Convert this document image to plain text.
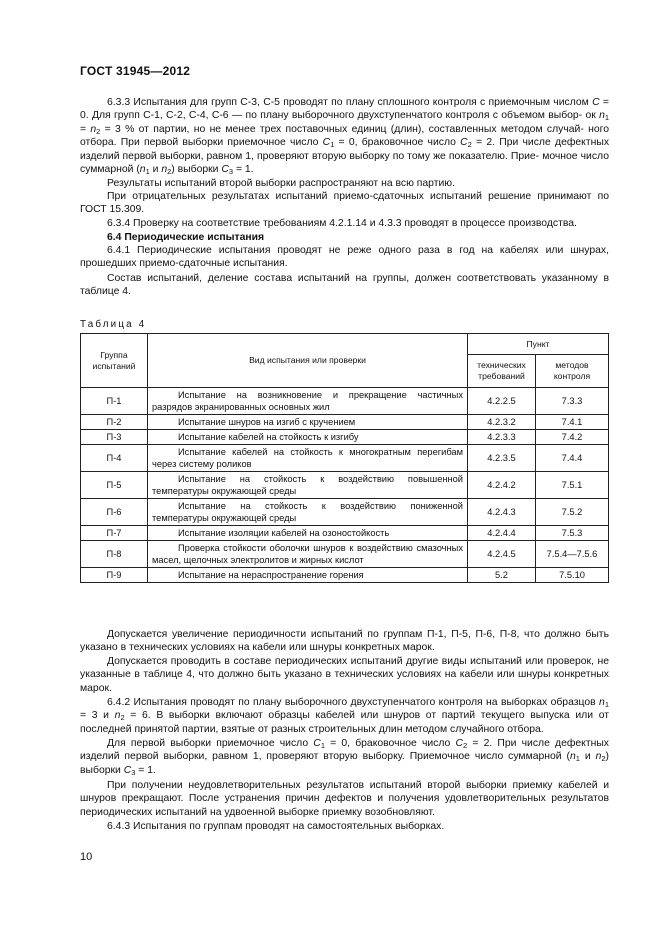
ГОСТ 31945—2012

6.3.3 Испытания для групп С-3, С-5 проводят по плану сплошного контроля с приемочным числом C = 0. Для групп С-1, С-2, С-4, С-6 — по плану выборочного двухступенчатого контроля с объемом выбор- ок $n_1 = n_2 = 3$ % от партии, но не менее трех поставочных единиц (длин), составленных методом случай- ного отбора. При первой выборки приемочное число $C_1 = 0$, браковочное число $C_2 = 2$. При числе дефектных изделий первой выборки, равном 1, проверяют вторую выборку по тому же показателю. Прие- мочное число суммарной ($n_1$ и $n_2$) выборки $C_3 = 1$.

Результаты испытаний второй выборки распространяют на всю партию.

При отрицательных результатах испытаний приемо-сдаточных испытаний решение принимают по ГОСТ 15.309.

6.3.4 Проверку на соответствие требованиям 4.2.1.14 и 4.3.3 проводят в процессе производства.

6.4 Периодические испытания

6.4.1 Периодические испытания проводят не реже одного раза в год на кабелях или шнурах, прошедших приемо-сдаточные испытания.

Состав испытаний, деление состава испытаний на группы, должен соответствовать указанному в таблице 4.

Таблица 4
Группа испытаний	Вид испытания или проверки	Пункт	
		технических требований	методов контроля
П-1	Испытание на возникновение и прекращение частичных разрядов экранированных основных жил	4.2.2.5	7.3.3
П-2	Испытание шнуров на изгиб с кручением	4.2.3.2	7.4.1
П-3	Испытание кабелей на стойкость к изгибу	4.2.3.3	7.4.2
П-4	Испытание кабелей на стойкость к многократным перегибам через систему роликов	4.2.3.5	7.4.4
П-5	Испытание на стойкость к воздействию повышенной температуры окружающей среды	4.2.4.2	7.5.1
П-6	Испытание на стойкость к воздействию пониженной температуры окружающей среды	4.2.4.3	7.5.2
П-7	Испытание изоляции кабелей на озоностойкость	4.2.4.4	7.5.3
П-8	Проверка стойкости оболочки шнуров к воздействию смазочных масел, щелочных электролитов и жирных кислот	4.2.4.5	7.5.4—7.5.6
П-9	Испытание на нераспространение горения	5.2	7.5.10

Допускается увеличение периодичности испытаний по группам П-1, П-5, П-6, П-8, что должно быть указано в технических условиях на кабели или шнуры конкретных марок.

Допускается проводить в составе периодических испытаний другие виды испытаний или проверок, не указанные в таблице 4, что должно быть указано в технических условиях на кабели или шнуры конкретных марок.

6.4.2 Испытания проводят по плану выборочного двухступенчатого контроля на выборках образцов $n_1 = 3$ и $n_2 = 6$. В выборки включают образцы кабелей или шнуров от партий текущего выпуска или от последней принятой партии, взятые от разных строительных длин методом случайного отбора.

Для первой выборки приемочное число $C_1 = 0$, браковочное число $C_2 = 2$. При числе дефектных изделий первой выборки, равном 1, проверяют вторую выборку. Приемочное число суммарной ($n_1$ и $n_2$) выборки $C_3 = 1$.

При получении неудовлетворительных результатов испытаний второй выборки приемку кабелей и шнуров прекращают. После устранения причин дефектов и получения удовлетворительных результатов периодических испытаний на удвоенной выборке приемку возобновляют.

6.4.3 Испытания по группам проводят на самостоятельных выборках.

10
